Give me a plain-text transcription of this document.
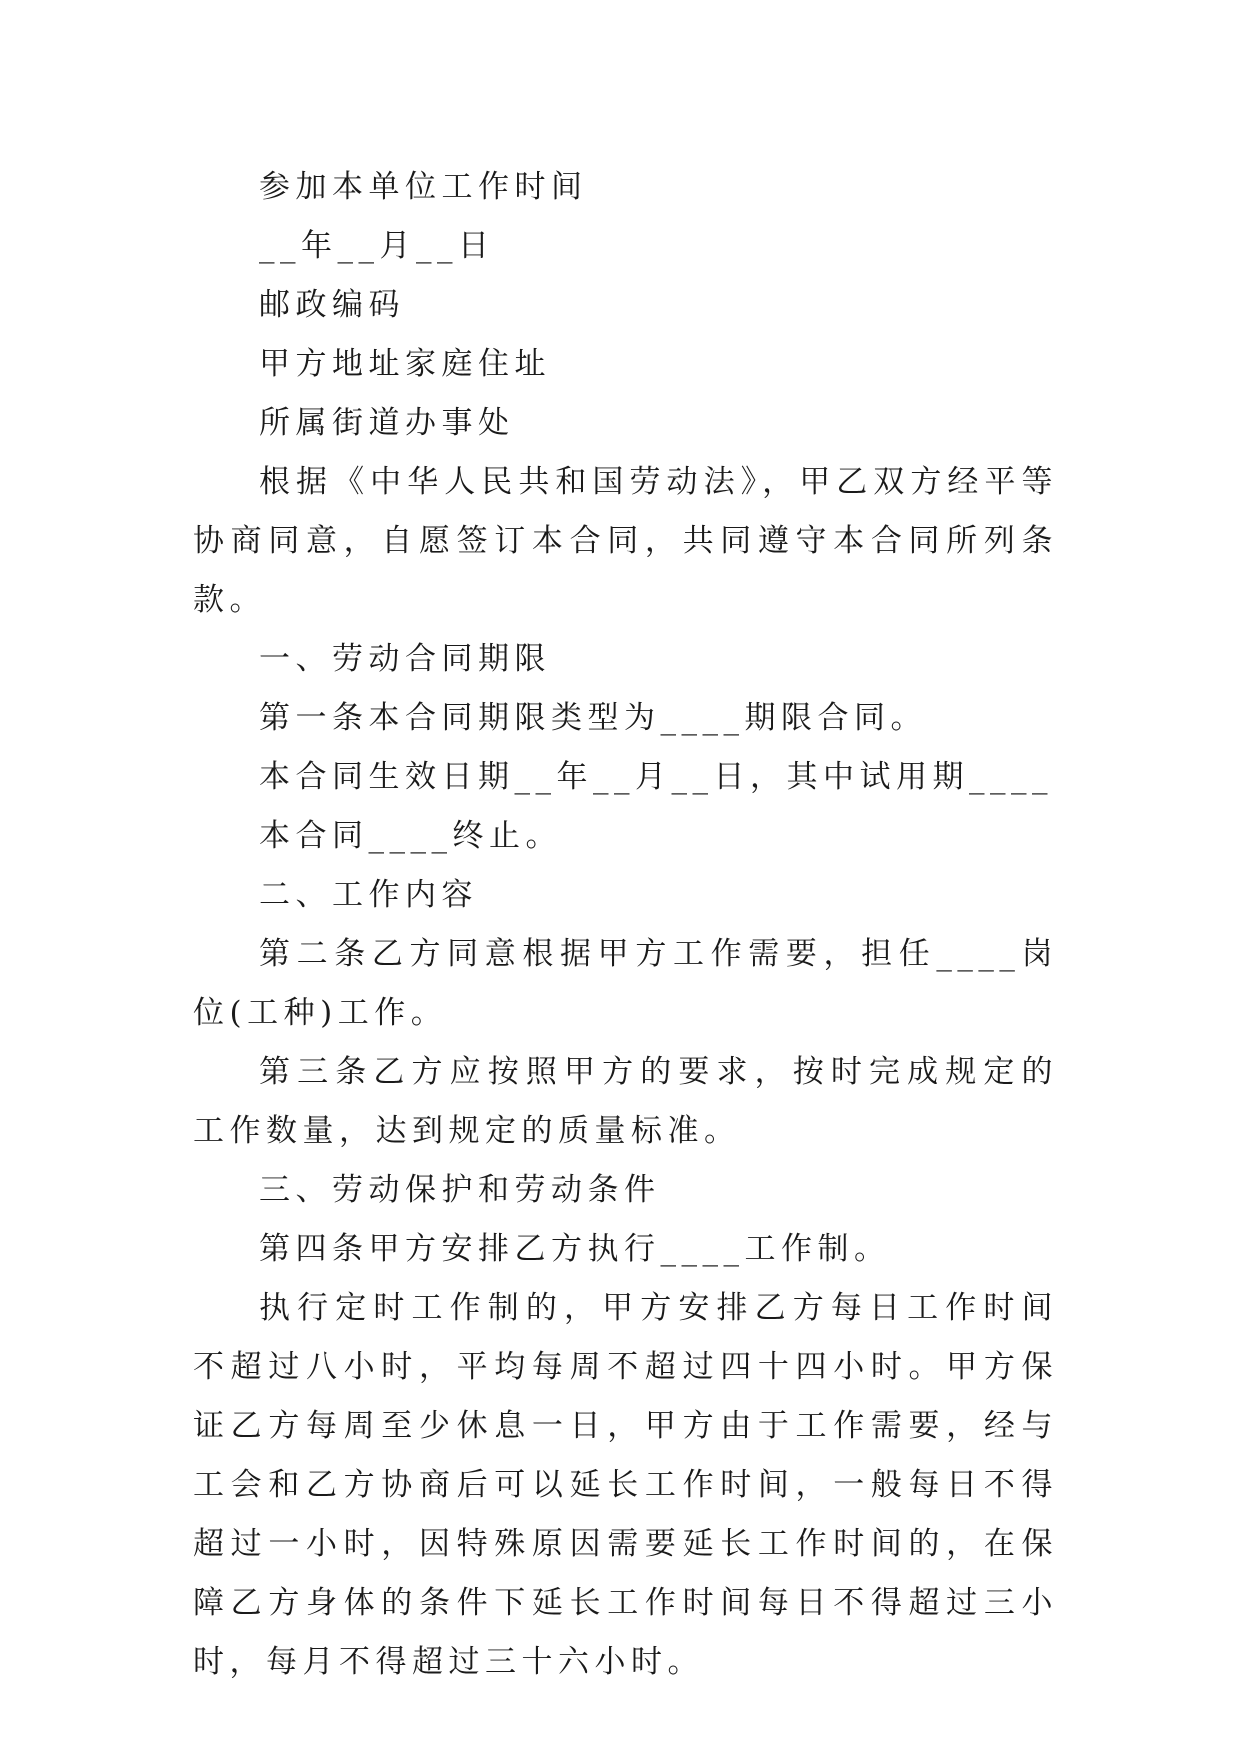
参加本单位工作时间

__年__月__日

邮政编码

甲方地址家庭住址

所属街道办事处

根据《中华人民共和国劳动法》，甲乙双方经平等协商同意，自愿签订本合同，共同遵守本合同所列条款。

一、劳动合同期限

第一条本合同期限类型为____期限合同。

本合同生效日期__年__月__日，其中试用期____

本合同____终止。

二、工作内容

第二条乙方同意根据甲方工作需要，担任____岗位(工种)工作。

第三条乙方应按照甲方的要求，按时完成规定的工作数量，达到规定的质量标准。

三、劳动保护和劳动条件

第四条甲方安排乙方执行____工作制。

执行定时工作制的，甲方安排乙方每日工作时间不超过八小时，平均每周不超过四十四小时。甲方保证乙方每周至少休息一日，甲方由于工作需要，经与工会和乙方协商后可以延长工作时间，一般每日不得超过一小时，因特殊原因需要延长工作时间的，在保障乙方身体的条件下延长工作时间每日不得超过三小时，每月不得超过三十六小时。
